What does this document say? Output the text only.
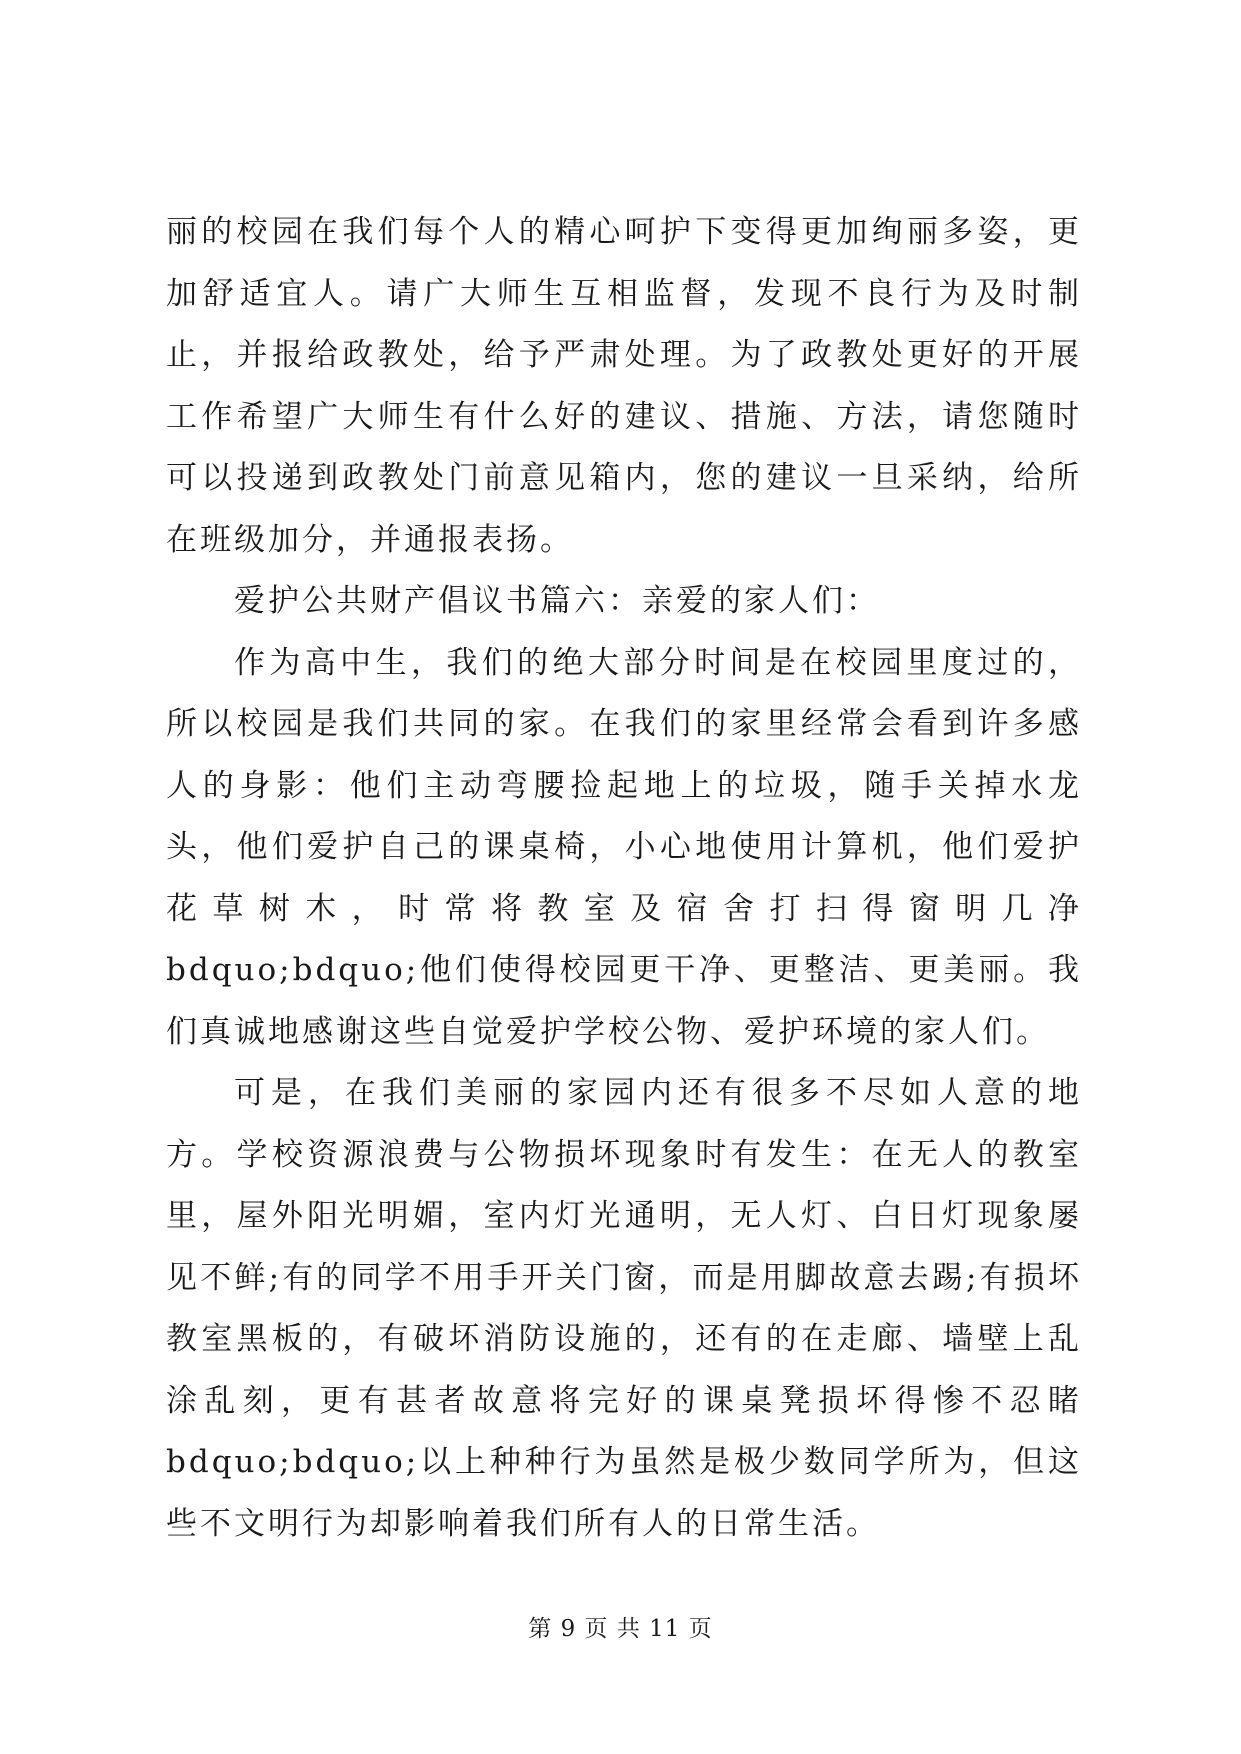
丽的校园在我们每个人的精心呵护下变得更加绚丽多姿，更加舒适宜人。请广大师生互相监督，发现不良行为及时制止，并报给政教处，给予严肃处理。为了政教处更好的开展工作希望广大师生有什么好的建议、措施、方法，请您随时可以投递到政教处门前意见箱内，您的建议一旦采纳，给所在班级加分，并通报表扬。

爱护公共财产倡议书篇六：亲爱的家人们：

作为高中生，我们的绝大部分时间是在校园里度过的，所以校园是我们共同的家。在我们的家里经常会看到许多感人的身影：他们主动弯腰捡起地上的垃圾，随手关掉水龙头，他们爱护自己的课桌椅，小心地使用计算机，他们爱护花草树木，时常将教室及宿舍打扫得窗明几净 bdquo;bdquo;他们使得校园更干净、更整洁、更美丽。我们真诚地感谢这些自觉爱护学校公物、爱护环境的家人们。

可是，在我们美丽的家园内还有很多不尽如人意的地方。学校资源浪费与公物损坏现象时有发生：在无人的教室里，屋外阳光明媚，室内灯光通明，无人灯、白日灯现象屡见不鲜;有的同学不用手开关门窗，而是用脚故意去踢;有损坏教室黑板的，有破坏消防设施的，还有的在走廊、墙壁上乱涂乱刻，更有甚者故意将完好的课桌凳损坏得惨不忍睹 bdquo;bdquo;以上种种行为虽然是极少数同学所为，但这些不文明行为却影响着我们所有人的日常生活。

第 9 页 共 11 页
